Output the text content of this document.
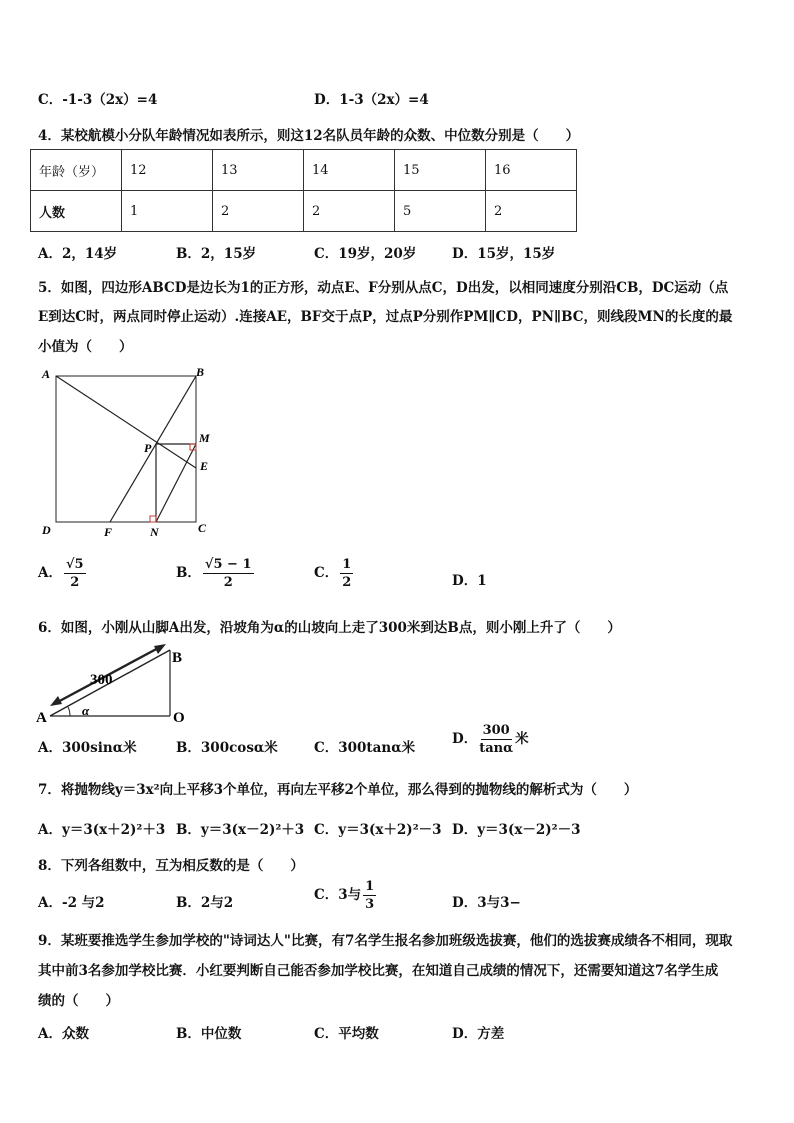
C．-1-3（2x）=4	D．1-3（2x）=4
4．某校航模小分队年龄情况如表所示，则这12名队员年龄的众数、中位数分别是（　　）
年龄（岁）	12	13	14	15	16
人数	1	2	2	5	2
A．2，14岁	B．2，15岁	C．19岁，20岁	D．15岁，15岁
5．如图，四边形ABCD是边长为1的正方形，动点E、F分别从点C，D出发，以相同速度分别沿CB，DC运动（点
E到达C时，两点同时停止运动）.连接AE，BF交于点P，过点P分别作PM∥CD，PN∥BC，则线段MN的长度的最
小值为（　　）
A	B
C
D
E
F
M
N
P
A． $\frac{√5}{2}$	B． $\frac{√5 - 1}{2}$	C． $\frac{1}{2}$	D．1
6．如图，小刚从山脚A出发，沿坡角为α的山坡向上走了300米到达B点，则小刚上升了（　　）
A
B
O
300
α
A．300sinα米	B．300cosα米	C．300tanα米
D． $\frac{300}{\tan\alpha}$ 米
7．将抛物线y＝3x²向上平移3个单位，再向左平移2个单位，那么得到的抛物线的解析式为（　　）
A．y＝3(x＋2)²＋3 B．y＝3(x－2)²＋3 C．y＝3(x＋2)²－3 D．y＝3(x－2)²－3
8．下列各组数中，互为相反数的是（　　）
A．-2 与2	B．2与2	C．3与 $\frac{1}{3}$	D．3与3−
9．某班要推选学生参加学校的"诗词达人"比赛，有7名学生报名参加班级选拔赛，他们的选拔赛成绩各不相同，现取
其中前3名参加学校比赛．小红要判断自己能否参加学校比赛，在知道自己成绩的情况下，还需要知道这7名学生成
绩的（　　）
A．众数	B．中位数	C．平均数	D．方差
